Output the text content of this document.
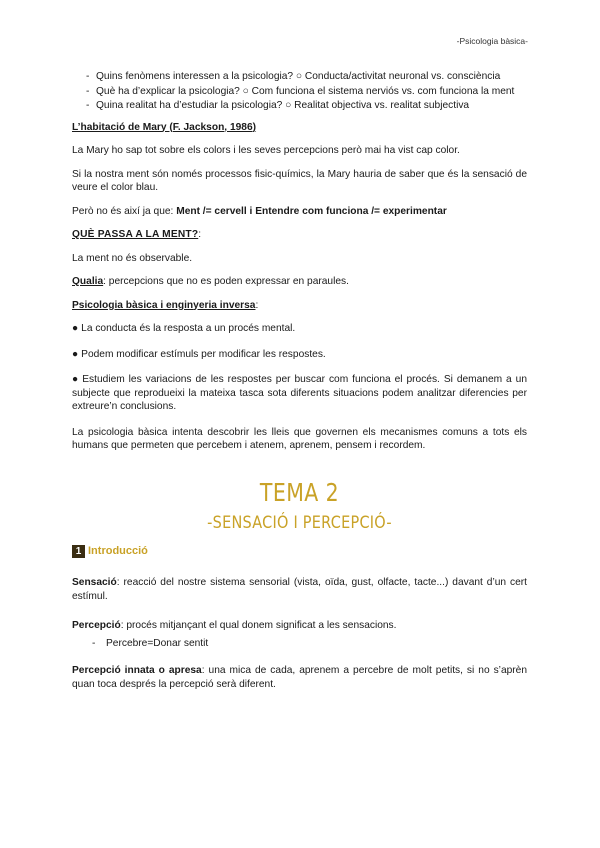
-Psicologia bàsica-
- Quins fenòmens interessen a la psicologia? ○ Conducta/activitat neuronal vs. consciència
- Què ha d’explicar la psicologia? ○ Com funciona el sistema nerviós vs. com funciona la ment
- Quina realitat ha d’estudiar la psicologia? ○ Realitat objectiva vs. realitat subjectiva
L’habitació de Mary (F. Jackson, 1986)

La Mary ho sap tot sobre els colors i les seves percepcions però mai ha vist cap color.

Si la nostra ment són només processos fisic-químics, la Mary hauria de saber que és la sensació de veure el color blau.

Però no és així ja que: Ment /= cervell i Entendre com funciona /= experimentar

QUÈ PASSA A LA MENT?:

La ment no és observable.

Qualia: percepcions que no es poden expressar en paraules.

Psicologia bàsica i enginyeria inversa:

● La conducta és la resposta a un procés mental.

● Podem modificar estímuls per modificar les respostes.

● Estudiem les variacions de les respostes per buscar com funciona el procés. Si demanem a un subjecte que reprodueixi la mateixa tasca sota diferents situacions podem analitzar diferencies per extreure’n conclusions.

La psicologia bàsica intenta descobrir les lleis que governen els mecanismes comuns a tots els humans que permeten que percebem i atenem, aprenem, pensem i recordem.

TEMA 2
-SENSACIÓ I PERCEPCIÓ-
1 Introducció

Sensació: reacció del nostre sistema sensorial (vista, oïda, gust, olfacte, tacte...) davant d’un cert estímul.

Percepció: procés mitjançant el qual donem significat a les sensacions.

- Percebre=Donar sentit

Percepció innata o apresa: una mica de cada, aprenem a percebre de molt petits, si no s’aprèn quan toca després la percepció serà diferent.
